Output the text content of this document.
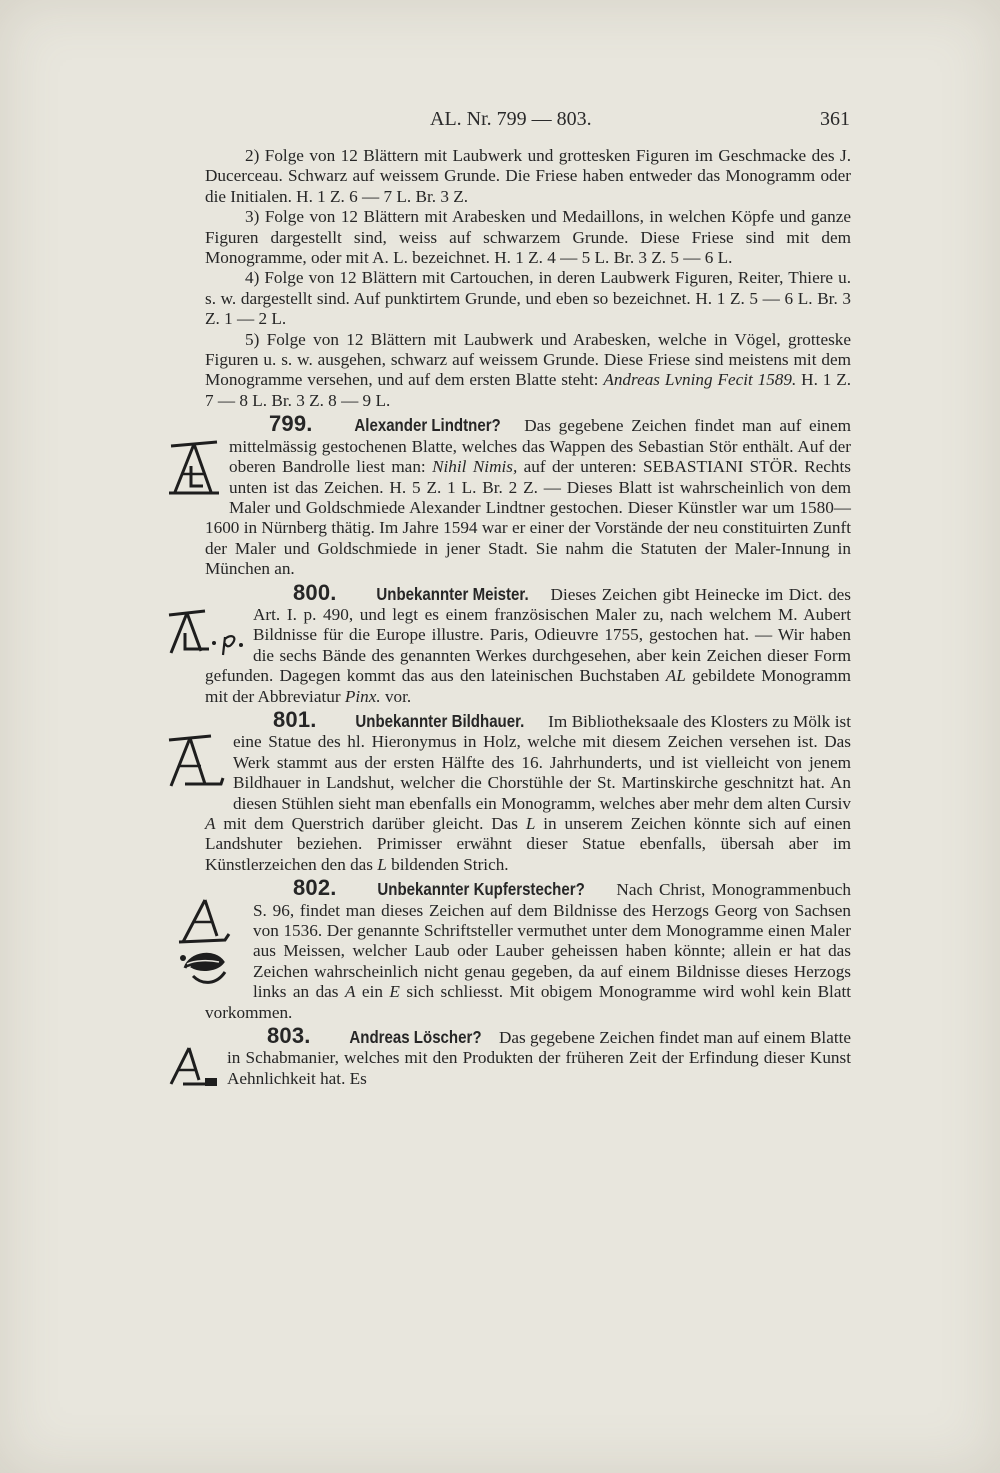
AL. Nr. 799 — 803.	361

2) Folge von 12 Blättern mit Laubwerk und grottesken Figuren im Geschmacke des J. Ducerceau. Schwarz auf weissem Grunde. Die Friese haben entweder das Monogramm oder die Initialen. H. 1 Z. 6 — 7 L. Br. 3 Z.

3) Folge von 12 Blättern mit Arabesken und Medaillons, in welchen Köpfe und ganze Figuren dargestellt sind, weiss auf schwarzem Grunde. Diese Friese sind mit dem Monogramme, oder mit A. L. bezeichnet. H. 1 Z. 4 — 5 L. Br. 3 Z. 5 — 6 L.

4) Folge von 12 Blättern mit Cartouchen, in deren Laubwerk Figuren, Reiter, Thiere u. s. w. dargestellt sind. Auf punktirtem Grunde, und eben so bezeichnet. H. 1 Z. 5 — 6 L. Br. 3 Z. 1 — 2 L.

5) Folge von 12 Blättern mit Laubwerk und Arabesken, welche in Vögel, grotteske Figuren u. s. w. ausgehen, schwarz auf weissem Grunde. Diese Friese sind meistens mit dem Monogramme versehen, und auf dem ersten Blatte steht: Andreas Lvning Fecit 1589. H. 1 Z. 7 — 8 L. Br. 3 Z. 8 — 9 L.

799. Alexander Lindtner? Das gegebene Zeichen findet man auf einem mittelmässig gestochenen Blatte, welches das Wappen des Sebastian Stör enthält. Auf der oberen Bandrolle liest man: Nihil Nimis, auf der unteren: SEBASTIANI STÖR. Rechts unten ist das Zeichen. H. 5 Z. 1 L. Br. 2 Z. — Dieses Blatt ist wahrscheinlich von dem Maler und Goldschmiede Alexander Lindtner gestochen. Dieser Künstler war um 1580—1600 in Nürnberg thätig. Im Jahre 1594 war er einer der Vorstände der neu constituirten Zunft der Maler und Goldschmiede in jener Stadt. Sie nahm die Statuten der Maler-Innung in München an.

800. Unbekannter Meister. Dieses Zeichen gibt Heinecke im Dict. des Art. I. p. 490, und legt es einem französischen Maler zu, nach welchem M. Aubert Bildnisse für die Europe illustre. Paris, Odieuvre 1755, gestochen hat. — Wir haben die sechs Bände des genannten Werkes durchgesehen, aber kein Zeichen dieser Form gefunden. Dagegen kommt das aus den lateinischen Buchstaben AL gebildete Monogramm mit der Abbreviatur Pinx. vor.

801. Unbekannter Bildhauer. Im Bibliotheksaale des Klosters zu Mölk ist eine Statue des hl. Hieronymus in Holz, welche mit diesem Zeichen versehen ist. Das Werk stammt aus der ersten Hälfte des 16. Jahrhunderts, und ist vielleicht von jenem Bildhauer in Landshut, welcher die Chorstühle der St. Martinskirche geschnitzt hat. An diesen Stühlen sieht man ebenfalls ein Monogramm, welches aber mehr dem alten Cursiv A mit dem Querstrich darüber gleicht. Das L in unserem Zeichen könnte sich auf einen Landshuter beziehen. Primisser erwähnt dieser Statue ebenfalls, übersah aber im Künstlerzeichen den das L bildenden Strich.

802. Unbekannter Kupferstecher? Nach Christ, Monogrammenbuch S. 96, findet man dieses Zeichen auf dem Bildnisse des Herzogs Georg von Sachsen von 1536. Der genannte Schriftsteller vermuthet unter dem Monogramme einen Maler aus Meissen, welcher Laub oder Lauber geheissen haben könnte; allein er hat das Zeichen wahrscheinlich nicht genau gegeben, da auf einem Bildnisse dieses Herzogs links an das A ein E sich schliesst. Mit obigem Monogramme wird wohl kein Blatt vorkommen.

803. Andreas Löscher? Das gegebene Zeichen findet man auf einem Blatte in Schabmanier, welches mit den Produkten der früheren Zeit der Erfindung dieser Kunst Aehnlichkeit hat. Es
